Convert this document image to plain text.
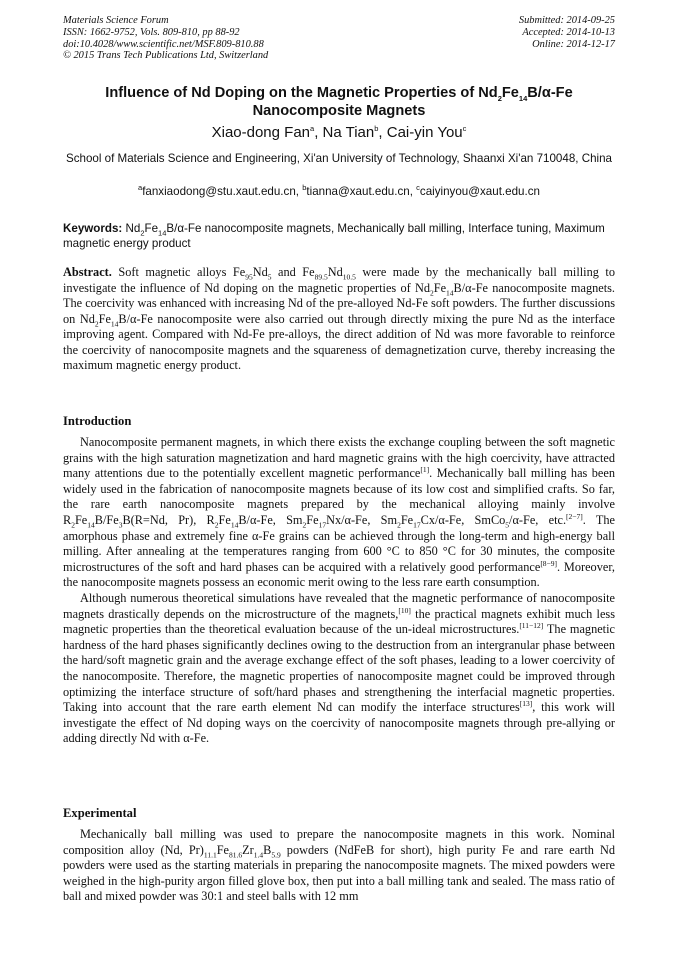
Materials Science Forum
ISSN: 1662-9752, Vols. 809-810, pp 88-92
doi:10.4028/www.scientific.net/MSF.809-810.88
© 2015 Trans Tech Publications Ltd, Switzerland
Submitted: 2014-09-25
Accepted: 2014-10-13
Online: 2014-12-17
Influence of Nd Doping on the Magnetic Properties of $Nd_2Fe_{14}B/\alpha-Fe$
Nanocomposite Magnets
Xiao-dong Fan$^a$, Na Tian$^b$, Cai-yin You$^c$
School of Materials Science and Engineering, Xi'an University of Technology, Shaanxi Xi'an 710048, China
$^a$fanxiaodong@stu.xaut.edu.cn, $^b$tianna@xaut.edu.cn, $^c$caiyinyou@xaut.edu.cn
Keywords: $Nd_2Fe_{14}B/\alpha-Fe$ nanocomposite magnets, Mechanically ball milling, Interface tuning, Maximum magnetic energy product
Abstract. Soft magnetic alloys $Fe_{95}Nd_5$ and $Fe_{89.5}Nd_{10.5}$ were made by the mechanically ball milling to investigate the influence of Nd doping on the magnetic properties of $Nd_2Fe_{14}B/\alpha-Fe$ nanocomposite magnets. The coercivity was enhanced with increasing Nd of the pre-alloyed Nd-Fe soft powders. The further discussions on $Nd_2Fe_{14}B/\alpha-Fe$ nanocomposite were also carried out through directly mixing the pure Nd as the interface improving agent. Compared with Nd-Fe pre-alloys, the direct addition of Nd was more favorable to reinforce the coercivity of nanocomposite magnets and the squareness of demagnetization curve, thereby increasing the maximum magnetic energy product.
Introduction

Nanocomposite permanent magnets, in which there exists the exchange coupling between the soft magnetic grains with the high saturation magnetization and hard magnetic grains with the high coercivity, have attracted many attentions due to the potentially excellent magnetic performance[1]. Mechanically ball milling has been widely used in the fabrication of nanocomposite magnets because of its low cost and simplified crafts. So far, the rare earth nanocomposite magnets prepared by the mechanical alloying mainly involve $R_2Fe_{14}B/Fe_3B(R=Nd$, Pr), $R_2Fe_{14}B/\alpha-Fe$, $Sm_2Fe_{17}Nx/\alpha-Fe$, $Sm_2Fe_{17}Cx/\alpha-Fe$, SmCo$_5$/α-Fe, etc.[2−7]. The amorphous phase and extremely fine α-Fe grains can be achieved through the long-term and high-energy ball milling. After annealing at the temperatures ranging from 600 °C to 850 °C for 30 minutes, the composite microstructures of the soft and hard phases can be acquired with a relatively good performance[8−9]. Moreover, the nanocomposite magnets possess an economic merit owing to the less rare earth consumption.

Although numerous theoretical simulations have revealed that the magnetic performance of nanocomposite magnets drastically depends on the microstructure of the magnets,[10] the practical magnets exhibit much less magnetic properties than the theoretical evaluation because of the un-ideal microstructures.[11−12] The magnetic hardness of the hard phases significantly declines owing to the destruction from an intergranular phase between the hard/soft magnetic grain and the average exchange effect of the soft phases, leading to a lower coercivity of the nanocomposite. Therefore, the magnetic properties of nanocomposite magnet could be improved through optimizing the interface structure of soft/hard phases and strengthening the interfacial magnetic properties. Taking into account that the rare earth element Nd can modify the interface structures[13], this work will investigate the effect of Nd doping ways on the coercivity of nanocomposite magnets through pre-allying or adding directly Nd with α-Fe.

Experimental

Mechanically ball milling was used to prepare the nanocomposite magnets in this work. Nominal composition alloy (Nd, $Pr)_{11.1}Fe_{81.6}Zr_{1.4}B_{5.9}$ powders (NdFeB for short), high purity Fe and rare earth Nd powders were used as the starting materials in preparing the nanocomposite magnets. The mixed powders were weighed in the high-purity argon filled glove box, then put into a ball milling tank and sealed. The mass ratio of ball and mixed powder was 30:1 and steel balls with 12 mm
